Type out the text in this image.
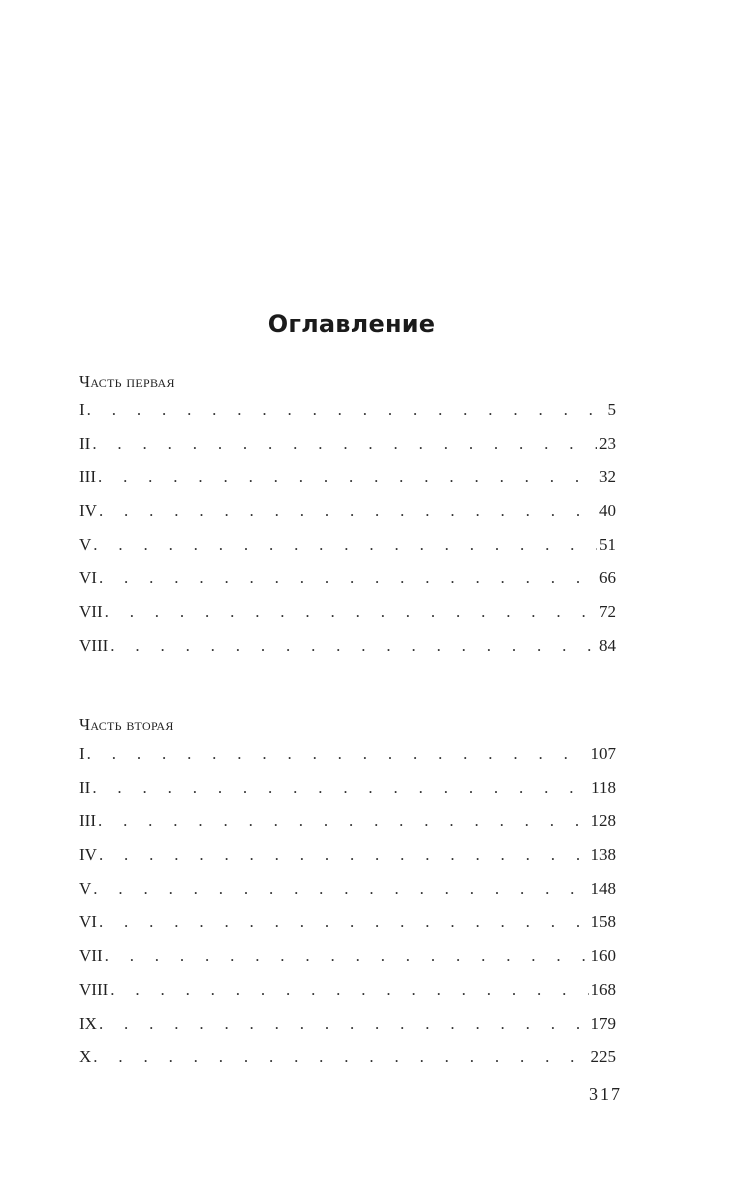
Оглавление
Часть первая
I . . .	5
II . . .	23
III . . .	32
IV . . .	40
V . . .	51
VI . . .	66
VII . . .	72
VIII . . .	84
Часть вторая
I . . .	107
II . . .	118
III . . .	128
IV . . .	138
V . . .	148
VI . . .	158
VII . . .	160
VIII . . .	168
IX . . .	179
X . . .	225
317
